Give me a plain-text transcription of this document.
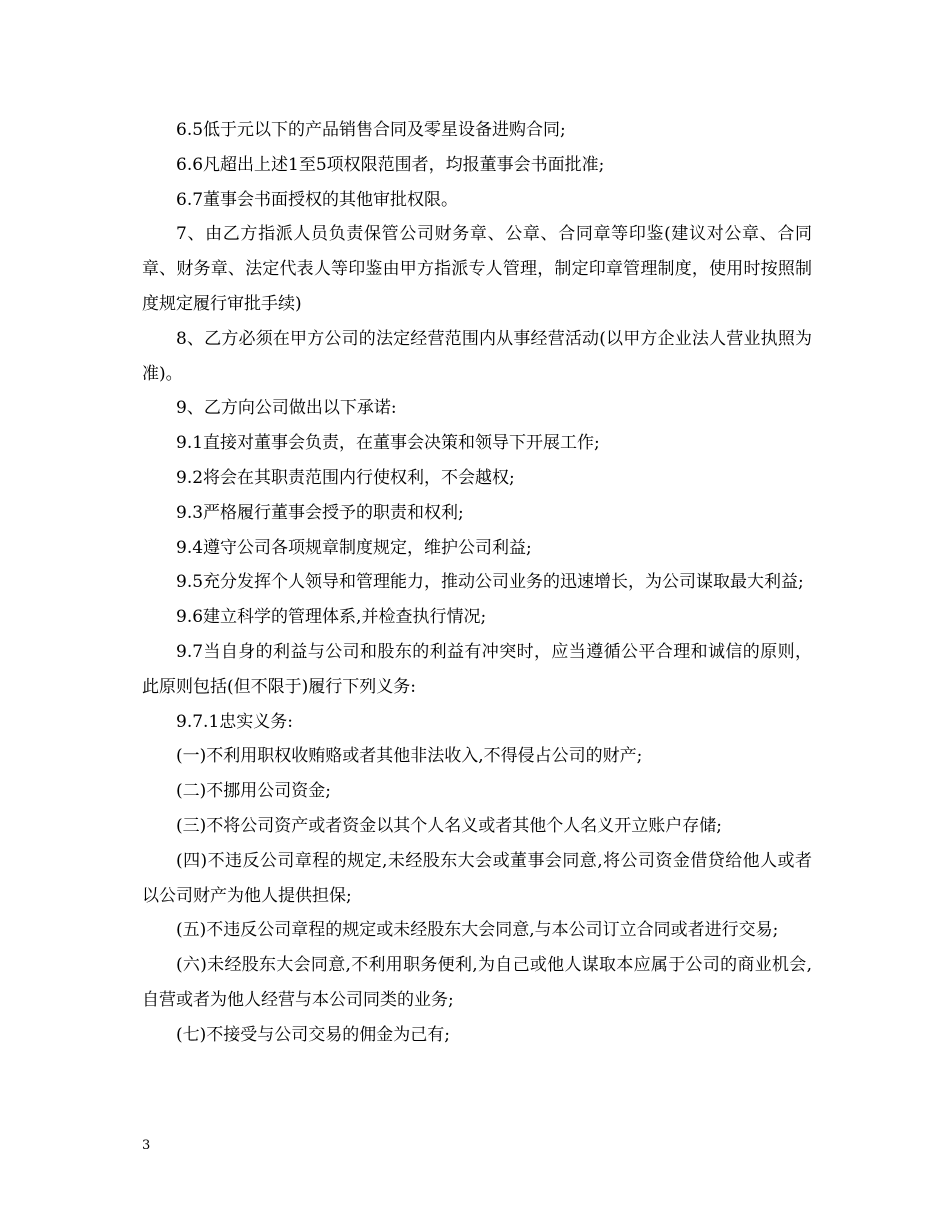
6.5低于元以下的产品销售合同及零星设备进购合同;

6.6凡超出上述1至5项权限范围者，均报董事会书面批准;

6.7董事会书面授权的其他审批权限。

7、由乙方指派人员负责保管公司财务章、公章、合同章等印鉴(建议对公章、合同章、财务章、法定代表人等印鉴由甲方指派专人管理，制定印章管理制度，使用时按照制度规定履行审批手续)

8、乙方必须在甲方公司的法定经营范围内从事经营活动(以甲方企业法人营业执照为准)。

9、乙方向公司做出以下承诺:

9.1直接对董事会负责，在董事会决策和领导下开展工作;

9.2将会在其职责范围内行使权利，不会越权;

9.3严格履行董事会授予的职责和权利;

9.4遵守公司各项规章制度规定，维护公司利益;

9.5充分发挥个人领导和管理能力，推动公司业务的迅速增长，为公司谋取最大利益;

9.6建立科学的管理体系,并检查执行情况;

9.7当自身的利益与公司和股东的利益有冲突时，应当遵循公平合理和诚信的原则，此原则包括(但不限于)履行下列义务:

9.7.1忠实义务:

(一)不利用职权收贿赂或者其他非法收入,不得侵占公司的财产;

(二)不挪用公司资金;

(三)不将公司资产或者资金以其个人名义或者其他个人名义开立账户存储;

(四)不违反公司章程的规定,未经股东大会或董事会同意,将公司资金借贷给他人或者以公司财产为他人提供担保;

(五)不违反公司章程的规定或未经股东大会同意,与本公司订立合同或者进行交易;

(六)未经股东大会同意,不利用职务便利,为自己或他人谋取本应属于公司的商业机会,自营或者为他人经营与本公司同类的业务;

(七)不接受与公司交易的佣金为己有;

3
